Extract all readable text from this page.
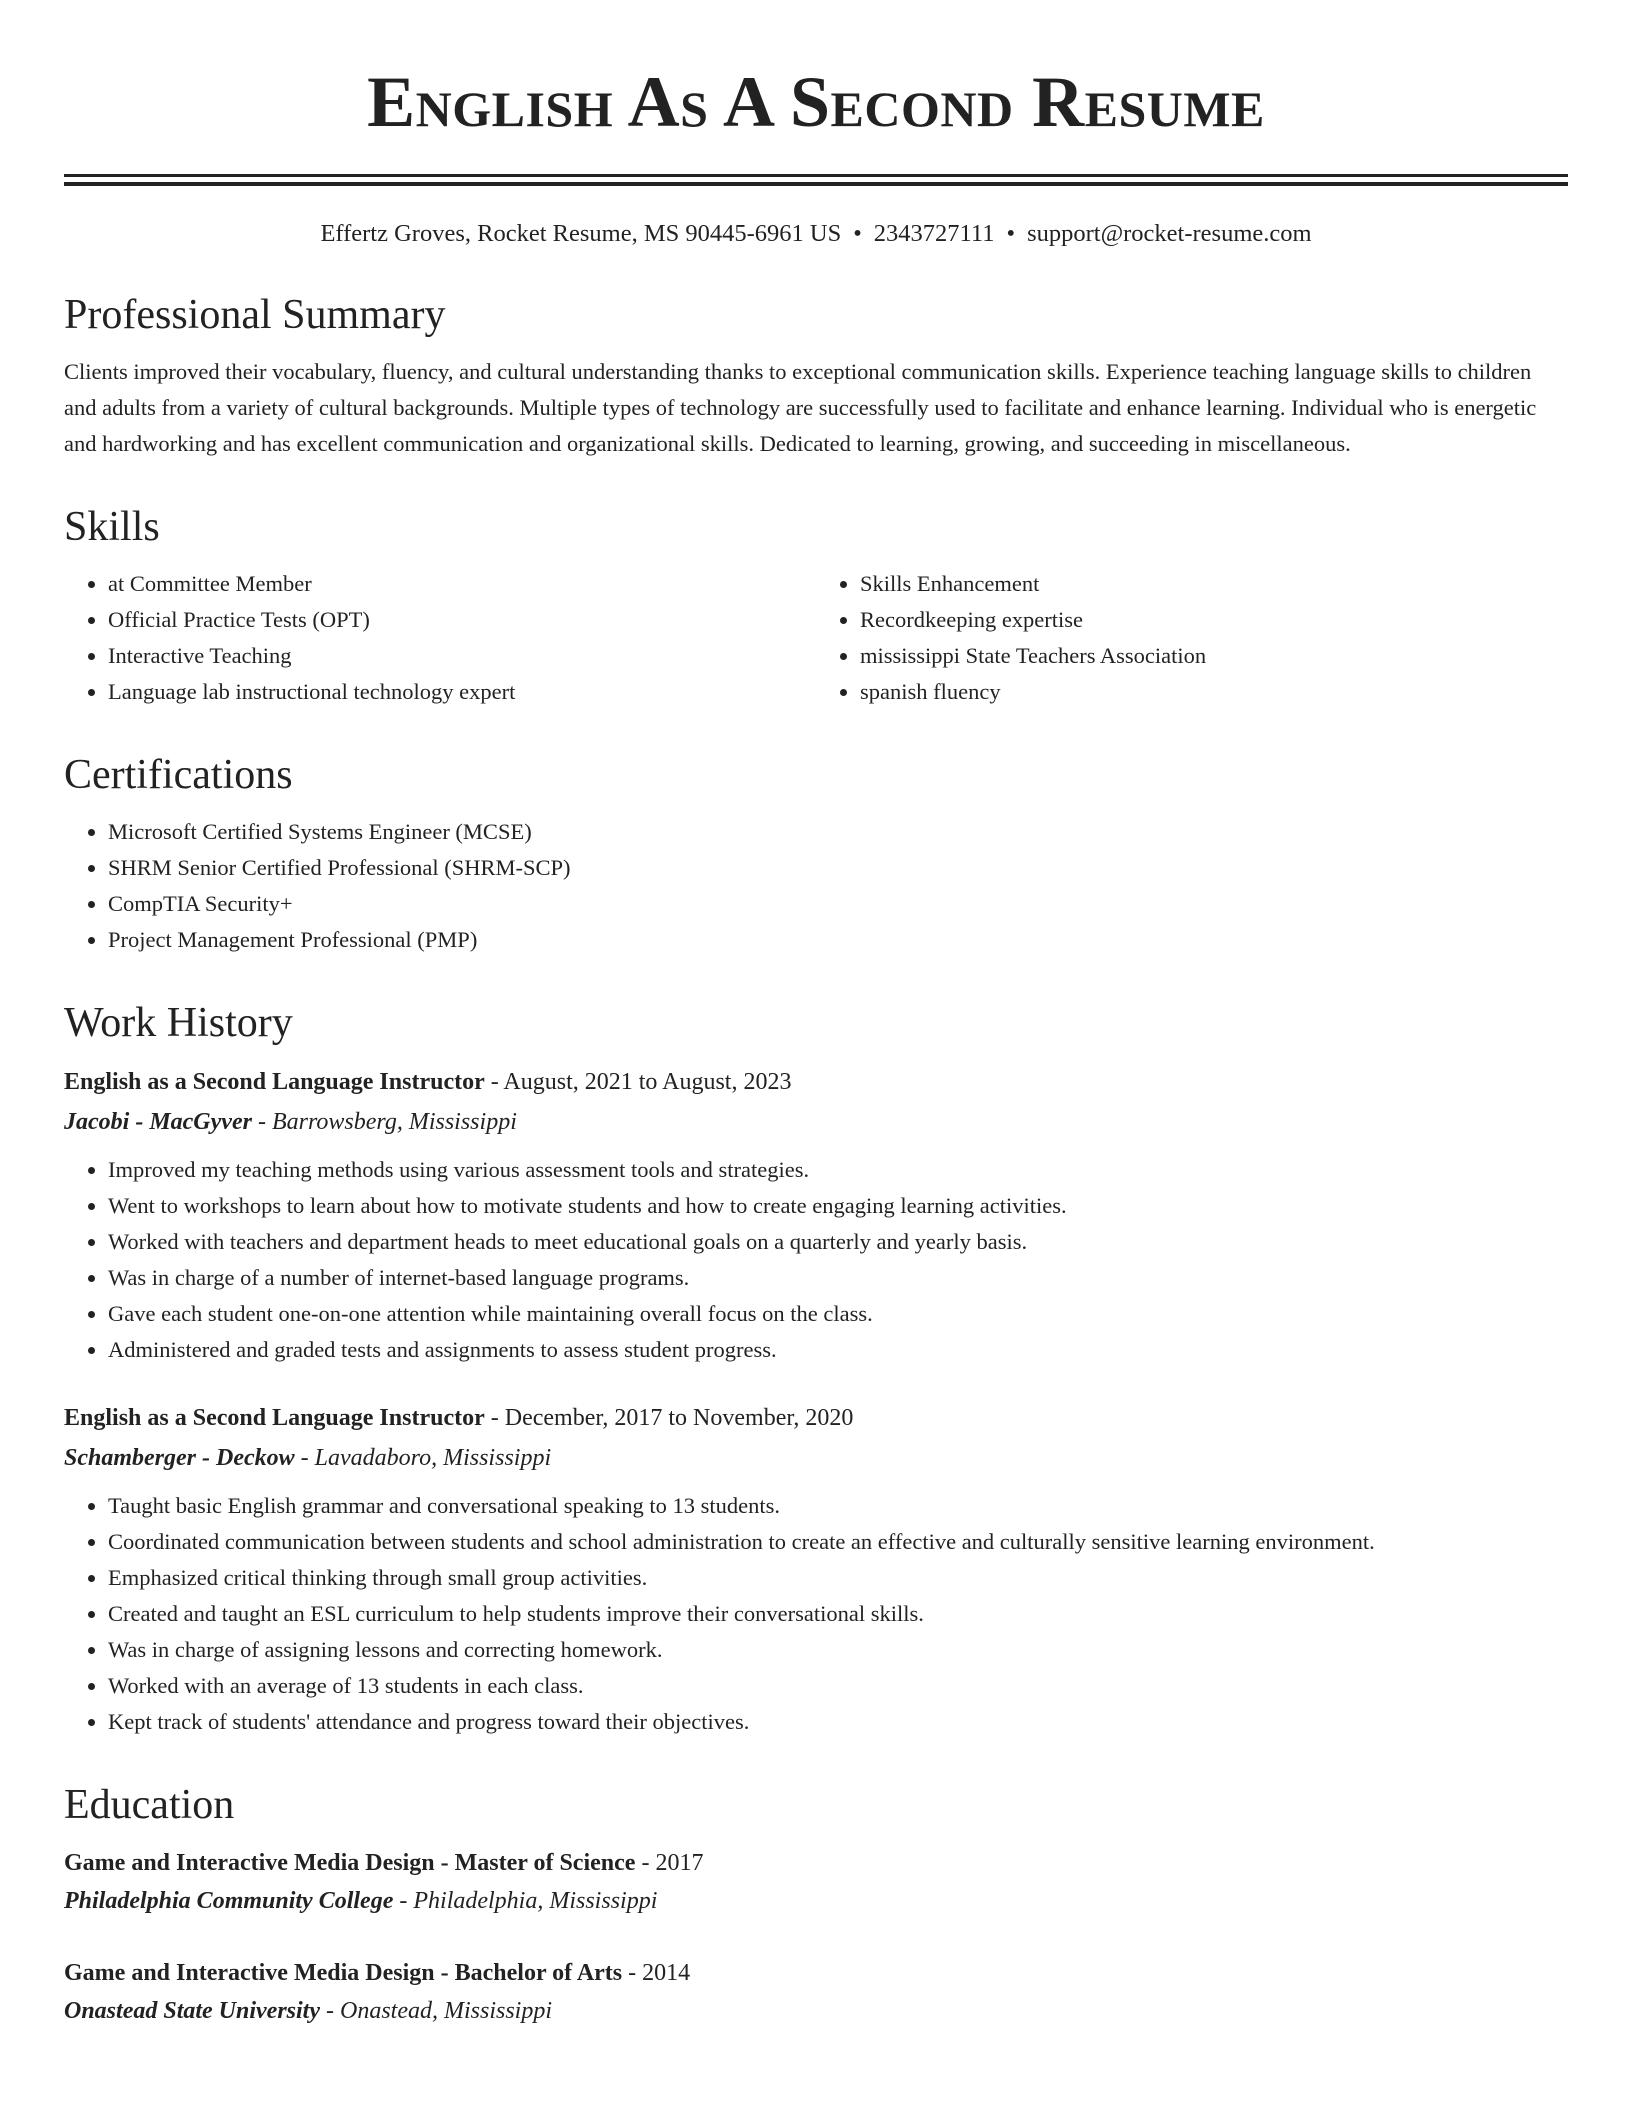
English As A Second Resume
Effertz Groves, Rocket Resume, MS 90445-6961 US • 2343727111 • support@rocket-resume.com
Professional Summary

Clients improved their vocabulary, fluency, and cultural understanding thanks to exceptional communication skills. Experience teaching language skills to children and adults from a variety of cultural backgrounds. Multiple types of technology are successfully used to facilitate and enhance learning. Individual who is energetic and hardworking and has excellent communication and organizational skills. Dedicated to learning, growing, and succeeding in miscellaneous.

Skills
• at Committee Member
• Official Practice Tests (OPT)
• Interactive Teaching
• Language lab instructional technology expert
• Skills Enhancement
• Recordkeeping expertise
• mississippi State Teachers Association
• spanish fluency
Certifications
• Microsoft Certified Systems Engineer (MCSE)
• SHRM Senior Certified Professional (SHRM-SCP)
• CompTIA Security+
• Project Management Professional (PMP)
Work History
English as a Second Language Instructor - August, 2021 to August, 2023
Jacobi - MacGyver - Barrowsberg, Mississippi
• Improved my teaching methods using various assessment tools and strategies.
• Went to workshops to learn about how to motivate students and how to create engaging learning activities.
• Worked with teachers and department heads to meet educational goals on a quarterly and yearly basis.
• Was in charge of a number of internet-based language programs.
• Gave each student one-on-one attention while maintaining overall focus on the class.
• Administered and graded tests and assignments to assess student progress.
English as a Second Language Instructor - December, 2017 to November, 2020
Schamberger - Deckow - Lavadaboro, Mississippi
• Taught basic English grammar and conversational speaking to 13 students.
• Coordinated communication between students and school administration to create an effective and culturally sensitive learning environment.
• Emphasized critical thinking through small group activities.
• Created and taught an ESL curriculum to help students improve their conversational skills.
• Was in charge of assigning lessons and correcting homework.
• Worked with an average of 13 students in each class.
• Kept track of students' attendance and progress toward their objectives.
Education
Game and Interactive Media Design - Master of Science - 2017
Philadelphia Community College - Philadelphia, Mississippi
Game and Interactive Media Design - Bachelor of Arts - 2014
Onastead State University - Onastead, Mississippi
